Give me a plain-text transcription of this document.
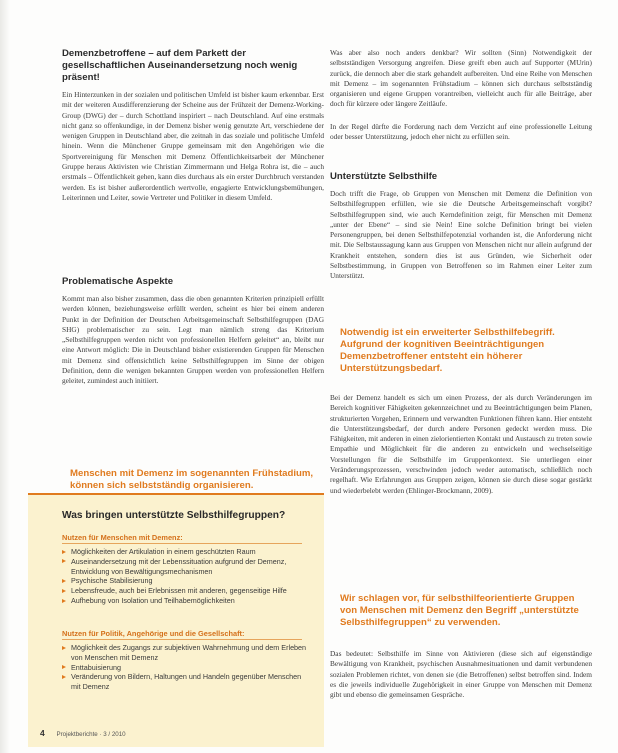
Demenzbetroffene – auf dem Parkett der gesellschaftlichen Auseinandersetzung noch wenig präsent!

Ein Hinterzunken in der sozialen und politischen Umfeld ist bisher kaum erkennbar. Erst mit der weiteren Ausdifferenzierung der Scheine aus der Frühzeit der Demenz-Working-Group (DWG) der – durch Schottland inspiriert – nach Deutschland. Auf eine erstmals nicht ganz so offenkundige, in der Demenz bisher wenig genutzte Art, verschiedene der wenigen Gruppen in Deutschland aber, die zeitnah in das soziale und politische Umfeld hinein. Wenn die Münchener Gruppe gemeinsam mit den Angehörigen wie die Sportvereinigung für Menschen mit Demenz Öffentlichkeitsarbeit der Münchener Gruppe heraus Aktivisten wie Christian Zimmermann und Helga Rohra ist, die – auch erstmals – Öffentlichkeit gehen, kann dies durchaus als ein erster Durchbruch verstanden werden. Es ist bisher außerordentlich wertvolle, engagierte Entwicklungsbemühungen, Leiterinnen und Leiter, sowie Vertreter und Politiker in diesem Umfeld.

Problematische Aspekte

Kommt man also bisher zusammen, dass die oben genannten Kriterien prinzipiell erfüllt werden können, beziehungsweise erfüllt werden, scheint es hier bei einem anderen Punkt in der Definition der Deutschen Arbeitsgemeinschaft Selbsthilfegruppen (DAG SHG) problematischer zu sein. Legt man nämlich streng das Kriterium „Selbsthilfegruppen werden nicht von professionellen Helfern geleitet“ an, bleibt nur eine Antwort möglich: Die in Deutschland bisher existierenden Gruppen für Menschen mit Demenz sind offensichtlich keine Selbsthilfegruppen im Sinne der obigen Definition, denn die wenigen bekannten Gruppen werden von professionellen Helfern geleitet, zumindest auch initiiert.

Menschen mit Demenz im sogenannten Frühstadium, können sich selbstständig organisieren.
Was bringen unterstützte Selbsthilfegruppen?
Nutzen für Menschen mit Demenz:
Möglichkeiten der Artikulation in einem geschützten Raum
Auseinandersetzung mit der Lebenssituation aufgrund der Demenz, Entwicklung von Bewältigungsmechanismen
Psychische Stabilisierung
Lebensfreude, auch bei Erlebnissen mit anderen, gegenseitige Hilfe
Aufhebung von Isolation und Teilhabemöglichkeiten
Nutzen für Politik, Angehörige und die Gesellschaft:
Möglichkeit des Zugangs zur subjektiven Wahrnehmung und dem Erleben von Menschen mit Demenz
Enttabuisierung
Veränderung von Bildern, Haltungen und Handeln gegenüber Menschen mit Demenz

Was aber also noch anders denkbar? Wir sollten (Sinn) Notwendigkeit der selbstständigen Versorgung angreifen. Diese greift eben auch auf Supporter (MUrin) zurück, die dennoch aber die stark gehandelt aufbereiten. Und eine Reihe von Menschen mit Demenz – im sogenannten Frühstadium – können sich durchaus selbstständig organisieren und eigene Gruppen vorantreiben, vielleicht auch für alle Beiträge, aber doch für kürzere oder längere Zeitläufe.

In der Regel dürfte die Forderung nach dem Verzicht auf eine professionelle Leitung oder besser Unterstützung, jedoch eher nicht zu erfüllen sein.

Unterstützte Selbsthilfe

Doch trifft die Frage, ob Gruppen von Menschen mit Demenz die Definition von Selbsthilfegruppen erfüllen, wie sie die Deutsche Arbeitsgemeinschaft vorgibt? Selbsthilfegruppen sind, wie auch Kerndefinition zeigt, für Menschen mit Demenz „unter der Ebene“ – sind sie Nein! Eine solche Definition bringt bei vielen Personengruppen, bei denen Selbsthilfepotenzial vorhanden ist, die Anforderung nicht mit. Die Selbstaussagung kann aus Gruppen von Menschen nicht nur allein aufgrund der Krankheit entstehen, sondern dies ist aus Gründen, wie Sicherheit oder Selbstbestimmung, in Gruppen von Betroffenen so im Rahmen einer Leiter zum Unterstützt.

Notwendig ist ein erweiterter Selbsthilfebegriff. Aufgrund der kognitiven Beeinträchtigungen Demenzbetroffener entsteht ein höherer Unterstützungsbedarf.

Bei der Demenz handelt es sich um einen Prozess, der als durch Veränderungen im Bereich kognitiver Fähigkeiten gekennzeichnet und zu Beeinträchtigungen beim Planen, strukturierten Vorgehen, Erinnern und verwandten Funktionen führen kann. Hier entsteht die Unterstützungsbedarf, der durch andere Personen gedeckt werden muss. Die Fähigkeiten, mit anderen in einen zielorientierten Kontakt und Austausch zu treten sowie Empathie und Möglichkeit für die anderen zu entwickeln und wechselseitige Vorstellungen für die Selbsthilfe im Gruppenkontext. Sie unterliegen einer Veränderungsprozessen, verschwinden jedoch weder automatisch, schließlich noch regelhaft. Wie Erfahrungen aus Gruppen zeigen, können sie durch diese sogar gestärkt und wiederbelebt werden (Ehlinger-Brockmann, 2009).

Wir schlagen vor, für selbsthilfeorientierte Gruppen von Menschen mit Demenz den Begriff „unterstützte Selbsthilfegruppen“ zu verwenden.

Das bedeutet: Selbsthilfe im Sinne von Aktivieren (diese sich auf eigenständige Bewältigung von Krankheit, psychischen Ausnahmesituationen und damit verbundenen sozialen Problemen richtet, von denen sie (die Betroffenen) selbst betroffen sind. Indem es die jeweils individuelle Zugehörigkeit in einer Gruppe von Menschen mit Demenz gibt und ebenso die gemeinsamen Gespräche.

4 Projektberichte · 3 / 2010
